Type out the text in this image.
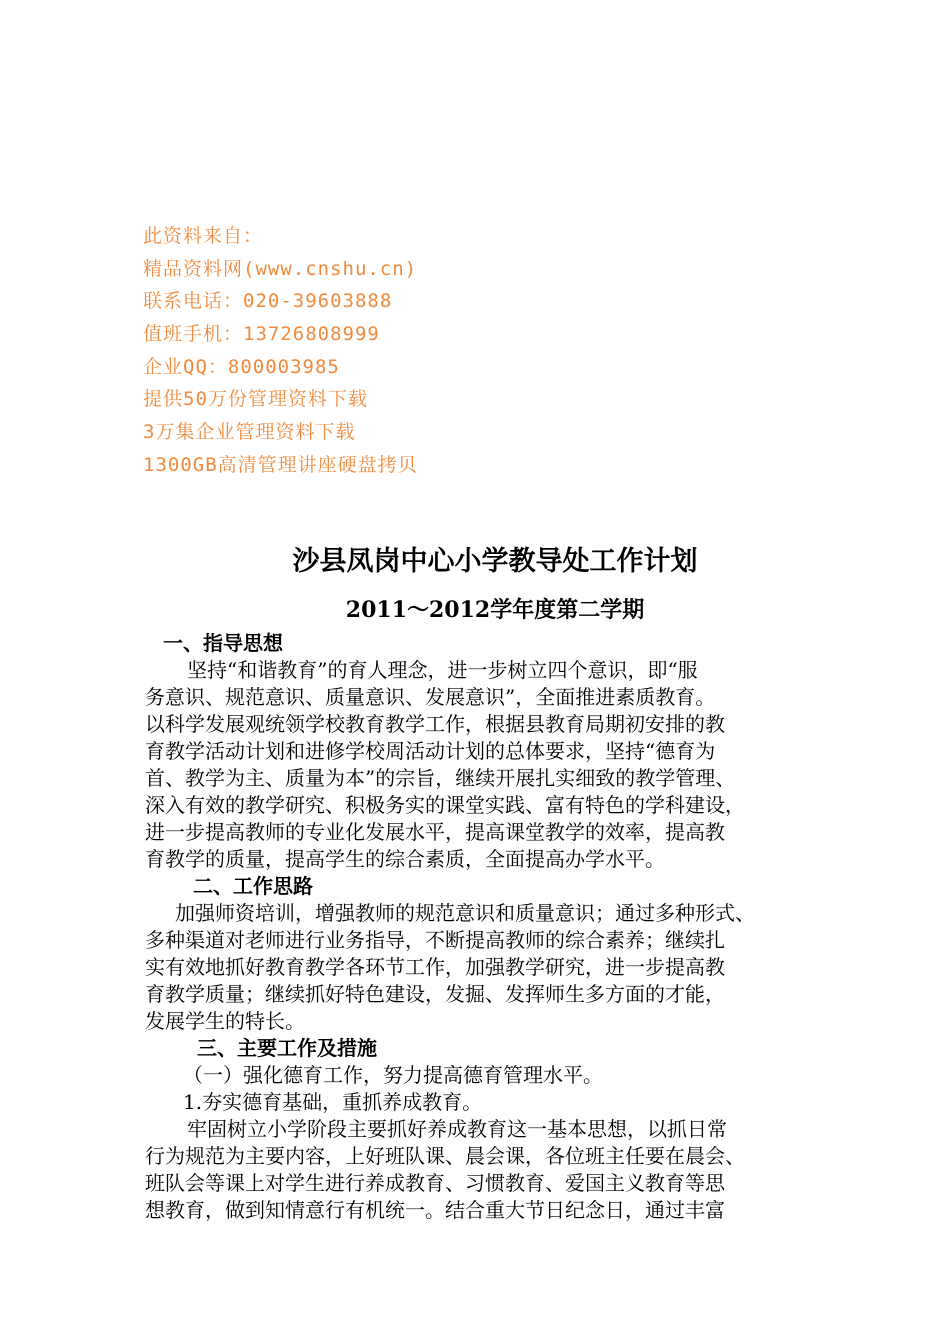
此资料来自：
精品资料网(www.cnshu.cn)
联系电话：020-39603888
值班手机：13726808999
企业QQ：800003985
提供50万份管理资料下载
3万集企业管理资料下载
1300GB高清管理讲座硬盘拷贝
沙县凤岗中心小学教导处工作计划
2011～2012学年度第二学期
一、指导思想
坚持“和谐教育”的育人理念，进一步树立四个意识，即“服
务意识、规范意识、质量意识、发展意识”，全面推进素质教育。
以科学发展观统领学校教育教学工作，根据县教育局期初安排的教
育教学活动计划和进修学校周活动计划的总体要求，坚持“德育为
首、教学为主、质量为本”的宗旨，继续开展扎实细致的教学管理、
深入有效的教学研究、积极务实的课堂实践、富有特色的学科建设，
进一步提高教师的专业化发展水平，提高课堂教学的效率，提高教
育教学的质量，提高学生的综合素质，全面提高办学水平。
二、工作思路
加强师资培训，增强教师的规范意识和质量意识；通过多种形式、
多种渠道对老师进行业务指导，不断提高教师的综合素养；继续扎
实有效地抓好教育教学各环节工作，加强教学研究，进一步提高教
育教学质量；继续抓好特色建设，发掘、发挥师生多方面的才能，
发展学生的特长。
三、主要工作及措施
（一）强化德育工作，努力提高德育管理水平。
1.夯实德育基础，重抓养成教育。
牢固树立小学阶段主要抓好养成教育这一基本思想，以抓日常
行为规范为主要内容，上好班队课、晨会课，各位班主任要在晨会、
班队会等课上对学生进行养成教育、习惯教育、爱国主义教育等思
想教育，做到知情意行有机统一。结合重大节日纪念日，通过丰富
